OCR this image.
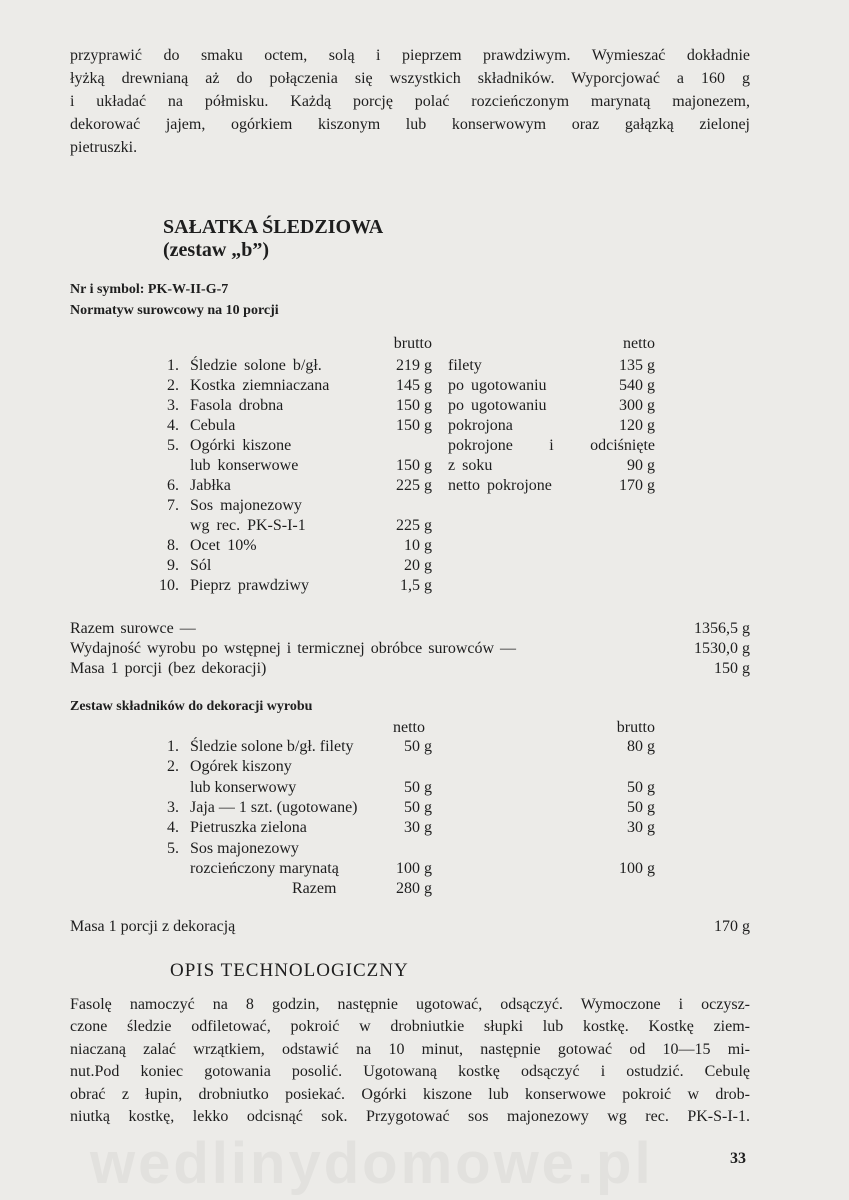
wedlinydomowe.pl

przyprawić do smaku octem, solą i pieprzem prawdziwym. Wymieszać dokładnie

łyżką drewnianą aż do połączenia się wszystkich składników. Wyporcjować a 160 g

i układać na półmisku. Każdą porcję polać rozcieńczonym marynatą majonezem,

dekorować jajem, ogórkiem kiszonym lub konserwowym oraz gałązką zielonej

pietruszki.

SAŁATKA ŚLEDZIOWA
(zestaw „b”)
Nr i symbol: PK-W-II-G-7
Normatyw surowcowy na 10 porcji
brutto	netto
1. Śledzie solone b/gł.	219 g filety	135 g
2. Kostka ziemniaczana	145 g po ugotowaniu	540 g
3. Fasola drobna	150 g po ugotowaniu	300 g
4. Cebula	150 g pokrojona	120 g
5. Ogórki kiszone	pokrojone i odciśnięte
lub konserwowe	150 g z soku	90 g
6. Jabłka	225 g netto pokrojone	170 g
7. Sos majonezowy
wg rec. PK-S-I-1	225 g
8. Ocet 10%	10 g
9. Sól	20 g
10. Pieprz prawdziwy	1,5 g
Razem surowce —	1356,5 g
Wydajność wyrobu po wstępnej i termicznej obróbce surowców —	1530,0 g
Masa 1 porcji (bez dekoracji)	150 g
Zestaw składników do dekoracji wyrobu
netto	brutto
1. Śledzie solone b/gł. filety	50 g	80 g
2. Ogórek kiszony
lub konserwowy	50 g	50 g
3. Jaja — 1 szt. (ugotowane)	50 g	50 g
4. Pietruszka zielona	30 g	30 g
5. Sos majonezowy
rozcieńczony marynatą	100 g	100 g
Razem	280 g
Masa 1 porcji z dekoracją	170 g
OPIS TECHNOLOGICZNY

Fasolę namoczyć na 8 godzin, następnie ugotować, odsączyć. Wymoczone i oczysz-

czone śledzie odfiletować, pokroić w drobniutkie słupki lub kostkę. Kostkę ziem-

niaczaną zalać wrzątkiem, odstawić na 10 minut, następnie gotować od 10—15 mi-

nut.Pod koniec gotowania posolić. Ugotowaną kostkę odsączyć i ostudzić. Cebulę

obrać z łupin, drobniutko posiekać. Ogórki kiszone lub konserwowe pokroić w drob-

niutką kostkę, lekko odcisnąć sok. Przygotować sos majonezowy wg rec. PK-S-I-1.

33
